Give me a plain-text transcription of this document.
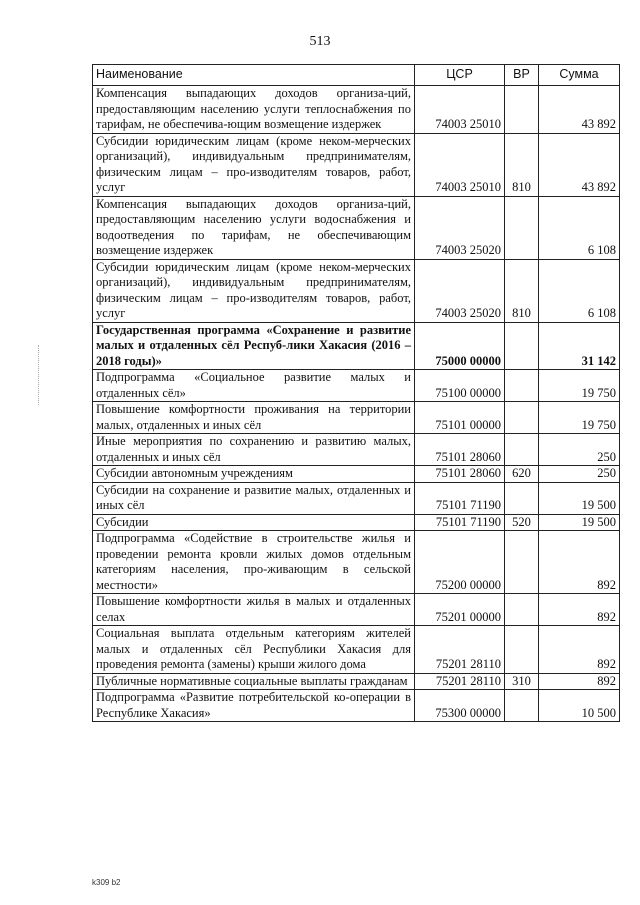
513
Наименование	ЦСР	ВР	Сумма
Компенсация выпадающих доходов организа-ций, предоставляющим населению услуги теплоснабжения по тарифам, не обеспечива-ющим возмещение издержек	74003 25010		43 892
Субсидии юридическим лицам (кроме неком-мерческих организаций), индивидуальным предпринимателям, физическим лицам – про-изводителям товаров, работ, услуг	74003 25010	810	43 892
Компенсация выпадающих доходов организа-ций, предоставляющим населению услуги водоснабжения и водоотведения по тарифам, не обеспечивающим возмещение издержек	74003 25020		6 108
Субсидии юридическим лицам (кроме неком-мерческих организаций), индивидуальным предпринимателям, физическим лицам – про-изводителям товаров, работ, услуг	74003 25020	810	6 108
Государственная программа «Сохранение и развитие малых и отдаленных сёл Респуб-лики Хакасия (2016 – 2018 годы)»	75000 00000		31 142
Подпрограмма «Социальное развитие малых и отдаленных сёл»	75100 00000		19 750
Повышение комфортности проживания на территории малых, отдаленных и иных сёл	75101 00000		19 750
Иные мероприятия по сохранению и развитию малых, отдаленных и иных сёл	75101 28060		250
Субсидии автономным учреждениям	75101 28060	620	250
Субсидии на сохранение и развитие малых, отдаленных и иных сёл	75101 71190		19 500
Субсидии	75101 71190	520	19 500
Подпрограмма «Содействие в строительстве жилья и проведении ремонта кровли жилых домов отдельным категориям населения, про-живающим в сельской местности»	75200 00000		892
Повышение комфортности жилья в малых и отдаленных селах	75201 00000		892
Социальная выплата отдельным категориям жителей малых и отдаленных сёл Республики Хакасия для проведения ремонта (замены) крыши жилого дома	75201 28110		892
Публичные нормативные социальные выплаты гражданам	75201 28110	310	892
Подпрограмма «Развитие потребительской ко-операции в Республике Хакасия»	75300 00000		10 500
k309 b2
